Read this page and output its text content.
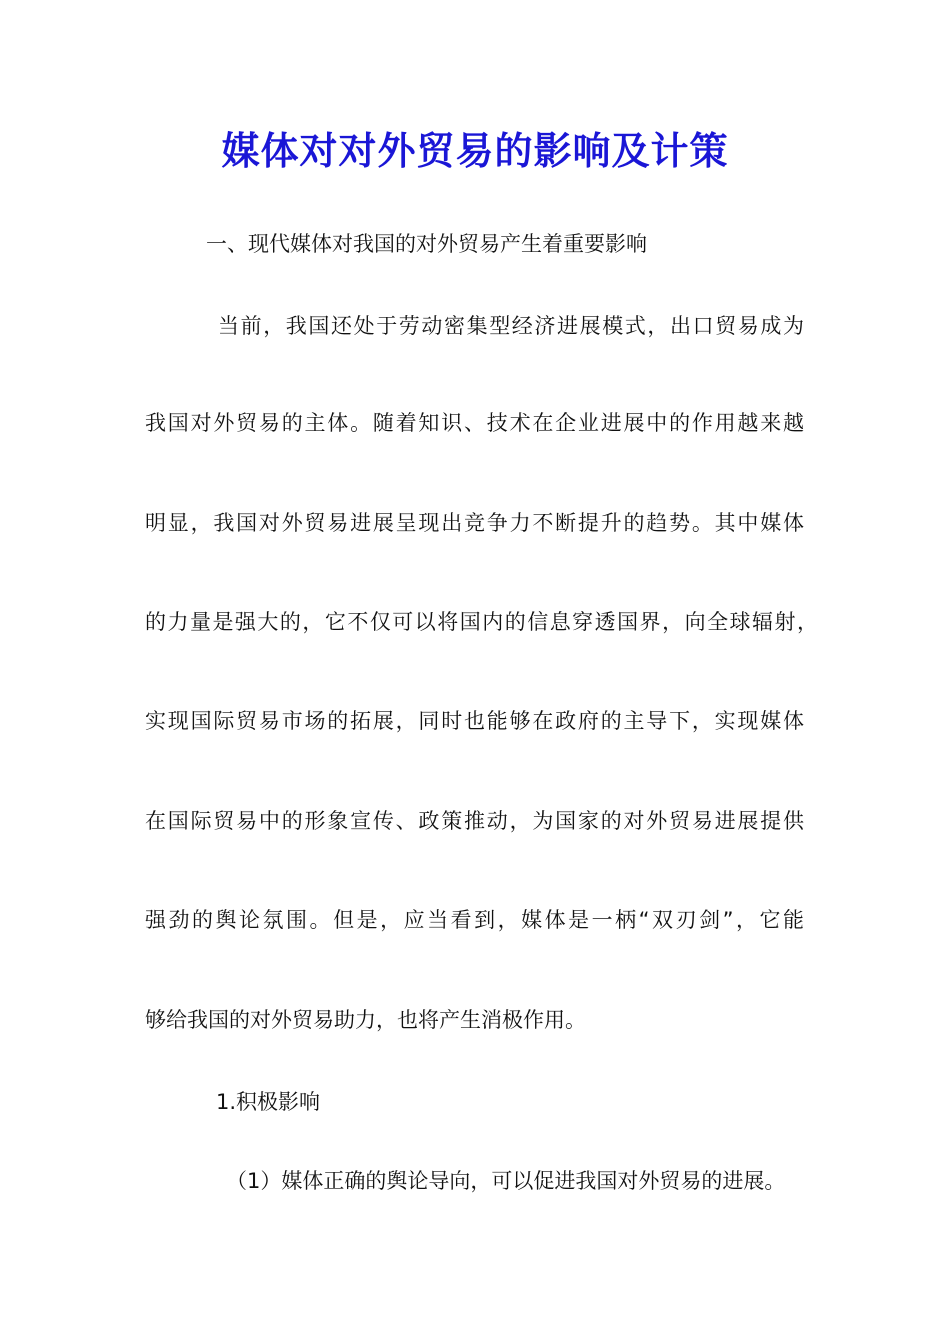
媒体对对外贸易的影响及计策
一、现代媒体对我国的对外贸易产生着重要影响
当前，我国还处于劳动密集型经济进展模式，出口贸易成为
我国对外贸易的主体。随着知识、技术在企业进展中的作用越来越
明显，我国对外贸易进展呈现出竞争力不断提升的趋势。其中媒体
的力量是强大的，它不仅可以将国内的信息穿透国界，向全球辐射，
实现国际贸易市场的拓展，同时也能够在政府的主导下，实现媒体
在国际贸易中的形象宣传、政策推动，为国家的对外贸易进展提供
强劲的舆论氛围。但是，应当看到，媒体是一柄“双刃剑”，它能
够给我国的对外贸易助力，也将产生消极作用。
1.积极影响
（1）媒体正确的舆论导向，可以促进我国对外贸易的进展。
